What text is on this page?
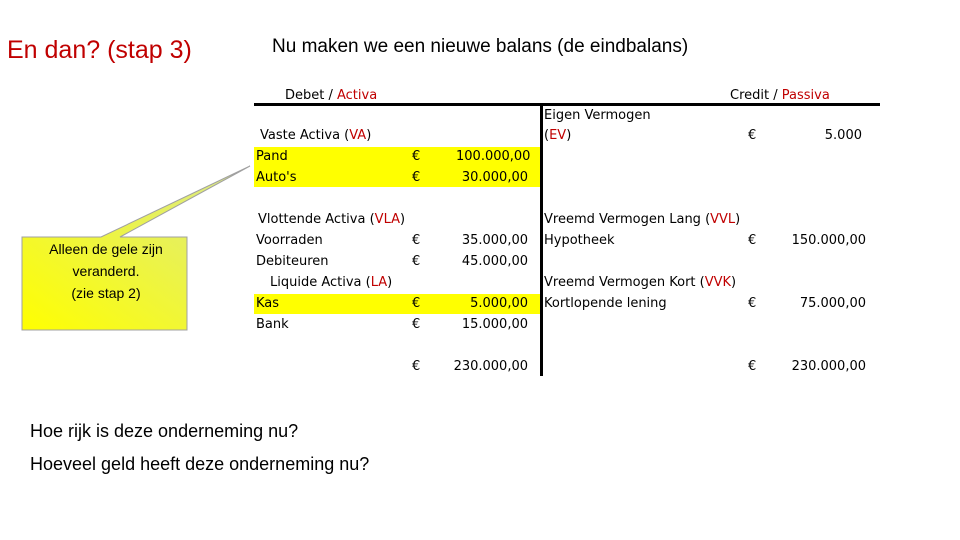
En dan? (stap 3)	Nu maken we een nieuwe balans (de eindbalans)
Alleen de gele zijn
veranderd.
(zie stap 2)
Debet / Activa	Credit / Passiva
Vaste Activa (VA)
Pand	€	100.000,00
Auto's	€	30.000,00
Vlottende Activa (VLA)
Voorraden	€	35.000,00
Debiteuren	€	45.000,00
Liquide Activa (LA)
Kas	€	5.000,00
Bank	€	15.000,00
€	230.000,00
Eigen Vermogen
(EV)	€	5.000
Vreemd Vermogen Lang (VVL)
Hypotheek	€	150.000,00
Vreemd Vermogen Kort (VVK)
Kortlopende lening	€	75.000,00
€	230.000,00
Hoe rijk is deze onderneming nu?
Hoeveel geld heeft deze onderneming nu?
